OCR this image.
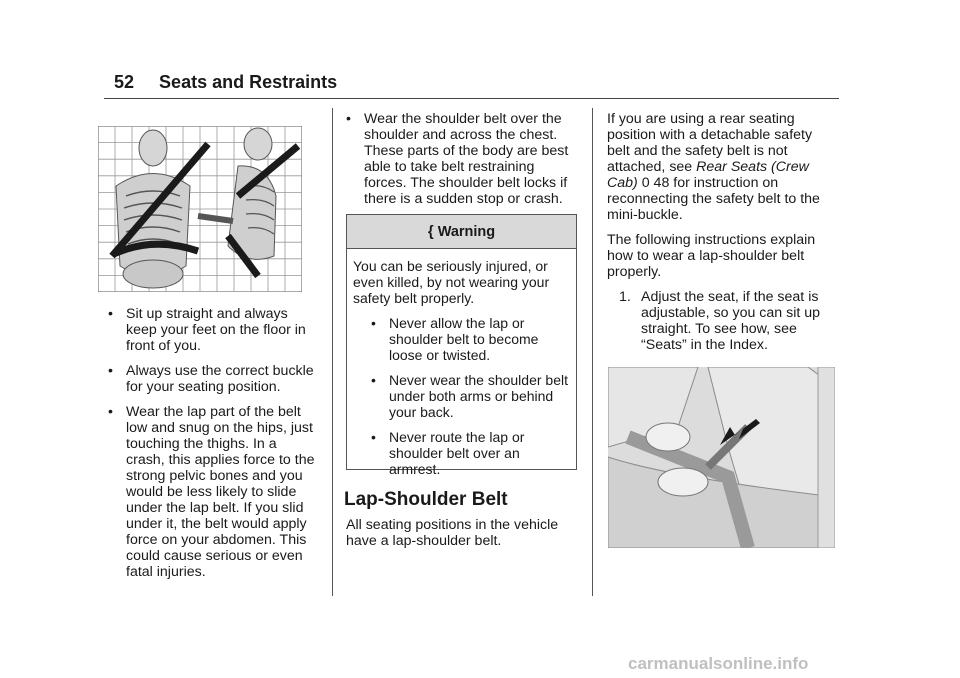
52 Seats and Restraints
• Sit up straight and always keep your feet on the floor in front of you.
• Always use the correct buckle for your seating position.
• Wear the lap part of the belt low and snug on the hips, just touching the thighs. In a crash, this applies force to the strong pelvic bones and you would be less likely to slide under the lap belt. If you slid under it, the belt would apply force on your abdomen. This could cause serious or even fatal injuries.
• Wear the shoulder belt over the shoulder and across the chest. These parts of the body are best able to take belt restraining forces. The shoulder belt locks if there is a sudden stop or crash.
{ Warning

You can be seriously injured, or even killed, by not wearing your safety belt properly.

• Never allow the lap or shoulder belt to become loose or twisted.
• Never wear the shoulder belt under both arms or behind your back.
• Never route the lap or shoulder belt over an armrest.
Lap-Shoulder Belt
All seating positions in the vehicle have a lap-shoulder belt.

If you are using a rear seating position with a detachable safety belt and the safety belt is not attached, see Rear Seats (Crew Cab) 0 48 for instruction on reconnecting the safety belt to the mini-buckle.

The following instructions explain how to wear a lap-shoulder belt properly.

1. Adjust the seat, if the seat is adjustable, so you can sit up straight. To see how, see “Seats” in the Index.
carmanualsonline.info
